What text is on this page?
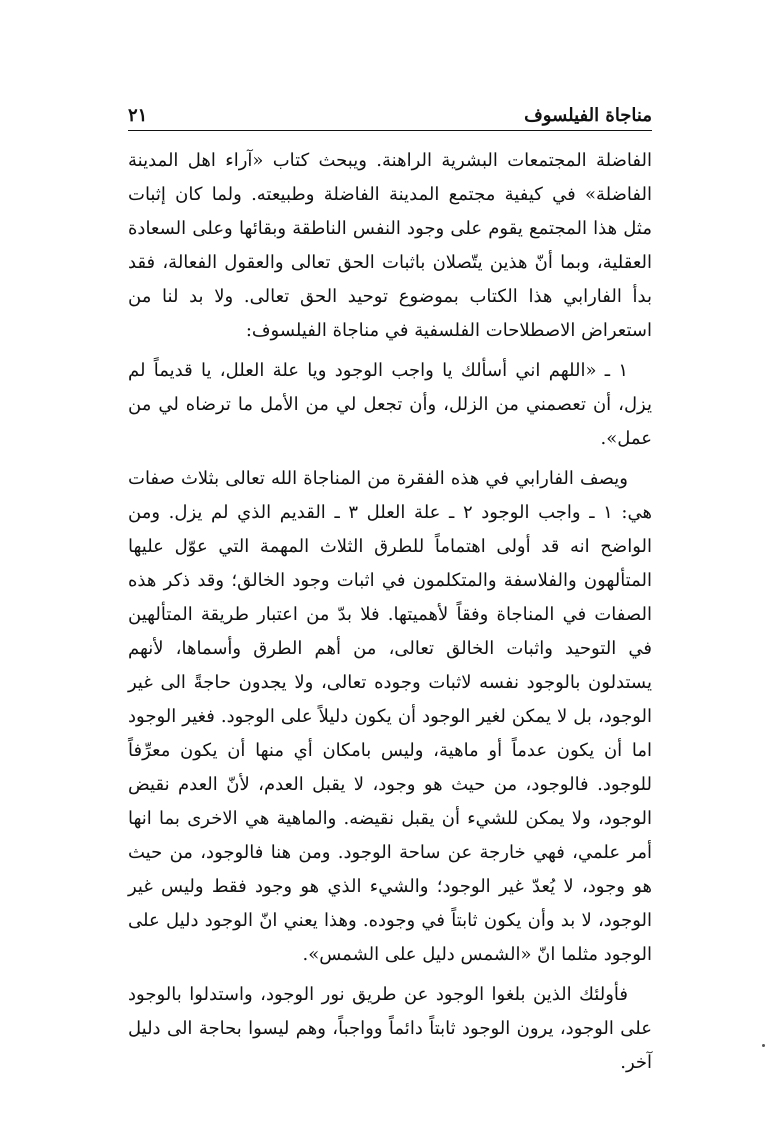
مناجاة الفيلسوف
٢١

الفاضلة المجتمعات البشرية الراهنة. ويبحث كتاب «آراء اهل المدينة الفاضلة» في كيفية مجتمع المدينة الفاضلة وطبيعته. ولما كان إثبات مثل هذا المجتمع يقوم على وجود النفس الناطقة وبقائها وعلى السعادة العقلية، وبما أنّ هذين يتّصلان باثبات الحق تعالى والعقول الفعالة، فقد بدأ الفارابي هذا الكتاب بموضوع توحيد الحق تعالى. ولا بد لنا من استعراض الاصطلاحات الفلسفية في مناجاة الفيلسوف:

١ ـ «اللهم اني أسألك يا واجب الوجود ويا علة العلل، يا قديماً لم يزل، أن تعصمني من الزلل، وأن تجعل لي من الأمل ما ترضاه لي من عمل».

ويصف الفارابي في هذه الفقرة من المناجاة الله تعالى بثلاث صفات هي: ١ ـ واجب الوجود ٢ ـ علة العلل ٣ ـ القديم الذي لم يزل. ومن الواضح انه قد أولى اهتماماً للطرق الثلاث المهمة التي عوّل عليها المتألهون والفلاسفة والمتكلمون في اثبات وجود الخالق؛ وقد ذكر هذه الصفات في المناجاة وفقاً لأهميتها. فلا بدّ من اعتبار طريقة المتألهين في التوحيد واثبات الخالق تعالى، من أهم الطرق وأسماها، لأنهم يستدلون بالوجود نفسه لاثبات وجوده تعالى، ولا يجدون حاجةً الى غير الوجود، بل لا يمكن لغير الوجود أن يكون دليلاً على الوجود. فغير الوجود اما أن يكون عدماً أو ماهية، وليس بامكان أي منها أن يكون معرِّفاً للوجود. فالوجود، من حيث هو وجود، لا يقبل العدم، لأنّ العدم نقيض الوجود، ولا يمكن للشيء أن يقبل نقيضه. والماهية هي الاخرى بما انها أمر علمي، فهي خارجة عن ساحة الوجود. ومن هنا فالوجود، من حيث هو وجود، لا يُعدّ غير الوجود؛ والشيء الذي هو وجود فقط وليس غير الوجود، لا بد وأن يكون ثابتاً في وجوده. وهذا يعني انّ الوجود دليل على الوجود مثلما انّ «الشمس دليل على الشمس».

فأولئك الذين بلغوا الوجود عن طريق نور الوجود، واستدلوا بالوجود على الوجود، يرون الوجود ثابتاً دائماً وواجباً، وهم ليسوا بحاجة الى دليل آخر.
